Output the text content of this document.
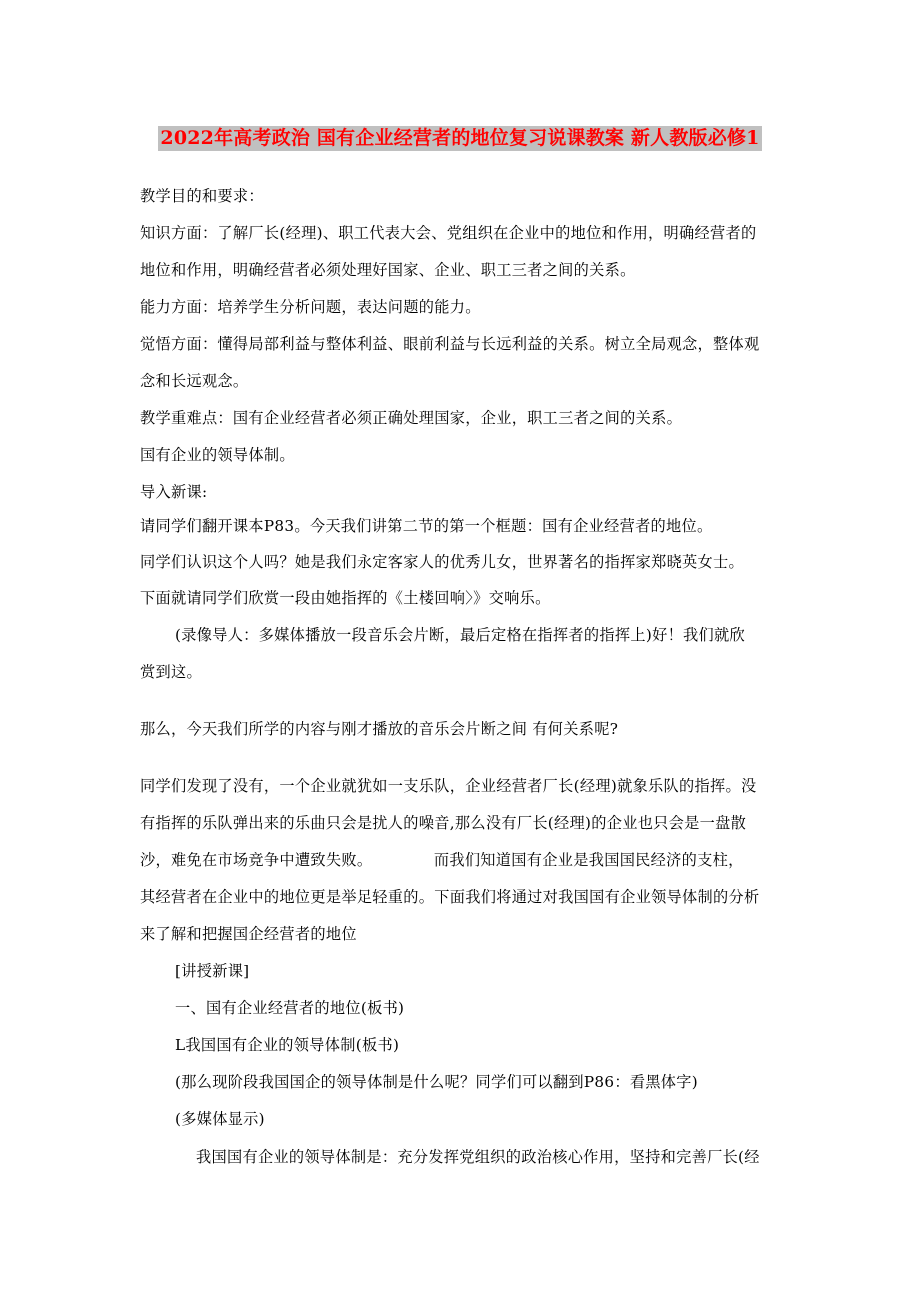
2022年高考政治 国有企业经营者的地位复习说课教案 新人教版必修1
教学目的和要求：
知识方面：了解厂长(经理)、职工代表大会、党组织在企业中的地位和作用，明确经营者的
地位和作用，明确经营者必须处理好国家、企业、职工三者之间的关系。
能力方面：培养学生分析问题，表达问题的能力。
觉悟方面：懂得局部利益与整体利益、眼前利益与长远利益的关系。树立全局观念，整体观
念和长远观念。
教学重难点：国有企业经营者必须正确处理国家，企业，职工三者之间的关系。
国有企业的领导体制。
导入新课:
请同学们翻开课本P83。今天我们讲第二节的第一个框题：国有企业经营者的地位。
同学们认识这个人吗？她是我们永定客家人的优秀儿女，世界著名的指挥家郑晓英女士。
下面就请同学们欣赏一段由她指挥的《土楼回响〉》交响乐。
(录像导人：多媒体播放一段音乐会片断，最后定格在指挥者的指挥上)好！我们就欣
赏到这。
那么，今天我们所学的内容与刚才播放的音乐会片断之间 有何关系呢?
同学们发现了没有，一个企业就犹如一支乐队，企业经营者厂长(经理)就象乐队的指挥。没
有指挥的乐队弹出来的乐曲只会是扰人的噪音,那么没有厂长(经理)的企业也只会是一盘散
沙，难免在市场竞争中遭致失败。            而我们知道国有企业是我国国民经济的支柱，
其经营者在企业中的地位更是举足轻重的。下面我们将通过对我国国有企业领导体制的分析
来了解和把握国企经营者的地位
[讲授新课]
一、国有企业经营者的地位(板书)
L我国国有企业的领导体制(板书)
(那么现阶段我国国企的领导体制是什么呢？同学们可以翻到P86：看黑体字)
(多媒体显示)
我国国有企业的领导体制是：充分发挥党组织的政治核心作用，坚持和完善厂长(经
